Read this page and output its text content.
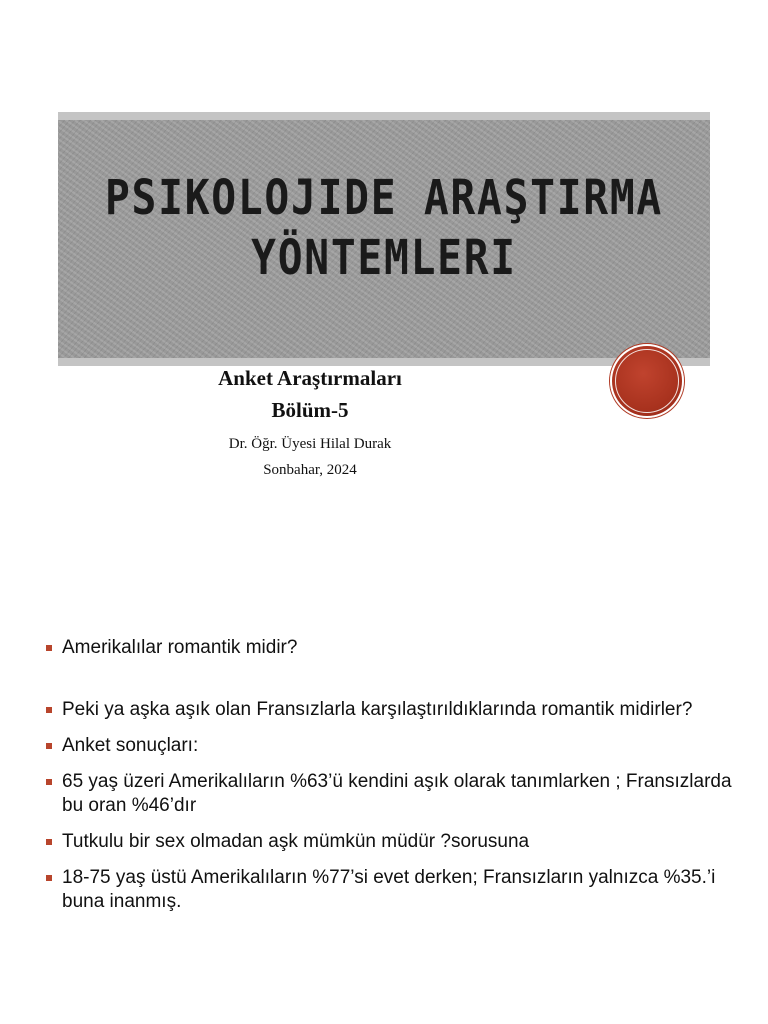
PSIKOLOJIDE ARAŞTIRMA
YÖNTEMLERI
Anket Araştırmaları
Bölüm-5
Dr. Öğr. Üyesi Hilal Durak
Sonbahar, 2024
Amerikalılar romantik midir?
Peki ya aşka aşık olan Fransızlarla karşılaştırıldıklarında romantik midirler?
Anket sonuçları:
65 yaş üzeri Amerikalıların %63’ü kendini aşık olarak tanımlarken ; Fransızlarda bu oran %46’dır
Tutkulu bir sex olmadan aşk mümkün müdür ?sorusuna
18-75 yaş üstü Amerikalıların %77’si evet derken; Fransızların yalnızca %35.’i buna inanmış.
